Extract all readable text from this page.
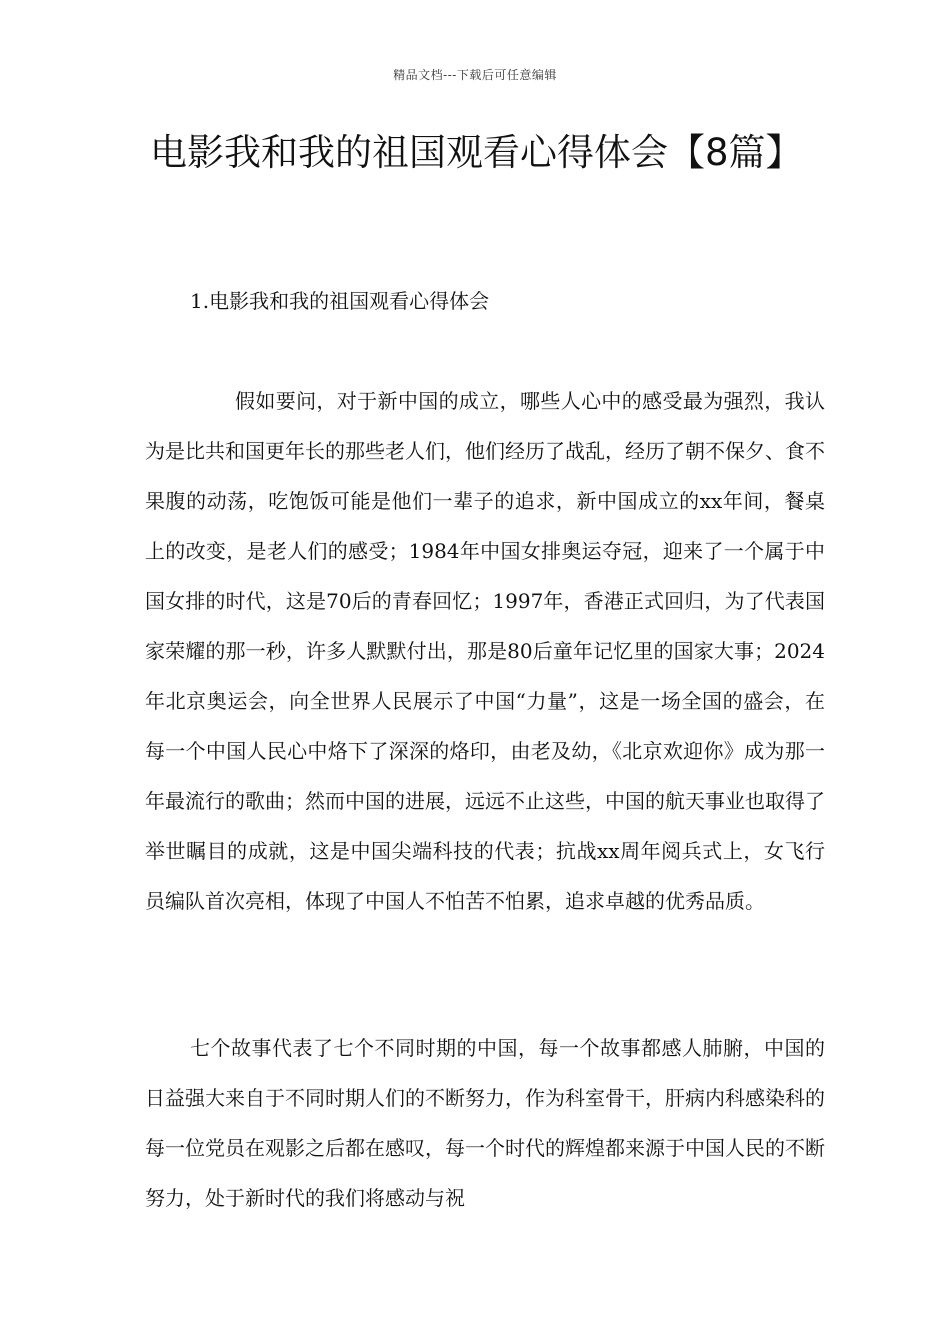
精品文档---下载后可任意编辑
电影我和我的祖国观看心得体会【8篇】
1.电影我和我的祖国观看心得体会

假如要问，对于新中国的成立，哪些人心中的感受最为强烈，我认为是比共和国更年长的那些老人们，他们经历了战乱，经历了朝不保夕、食不果腹的动荡，吃饱饭可能是他们一辈子的追求，新中国成立的xx年间，餐桌上的改变，是老人们的感受；1984年中国女排奥运夺冠，迎来了一个属于中国女排的时代，这是70后的青春回忆；1997年，香港正式回归，为了代表国家荣耀的那一秒，许多人默默付出，那是80后童年记忆里的国家大事；2024年北京奥运会，向全世界人民展示了中国“力量”，这是一场全国的盛会，在每一个中国人民心中烙下了深深的烙印，由老及幼，《北京欢迎你》成为那一年最流行的歌曲；然而中国的进展，远远不止这些，中国的航天事业也取得了举世瞩目的成就，这是中国尖端科技的代表；抗战xx周年阅兵式上，女飞行员编队首次亮相，体现了中国人不怕苦不怕累，追求卓越的优秀品质。

七个故事代表了七个不同时期的中国，每一个故事都感人肺腑，中国的日益强大来自于不同时期人们的不断努力，作为科室骨干，肝病内科感染科的每一位党员在观影之后都在感叹，每一个时代的辉煌都来源于中国人民的不断努力，处于新时代的我们将感动与祝
